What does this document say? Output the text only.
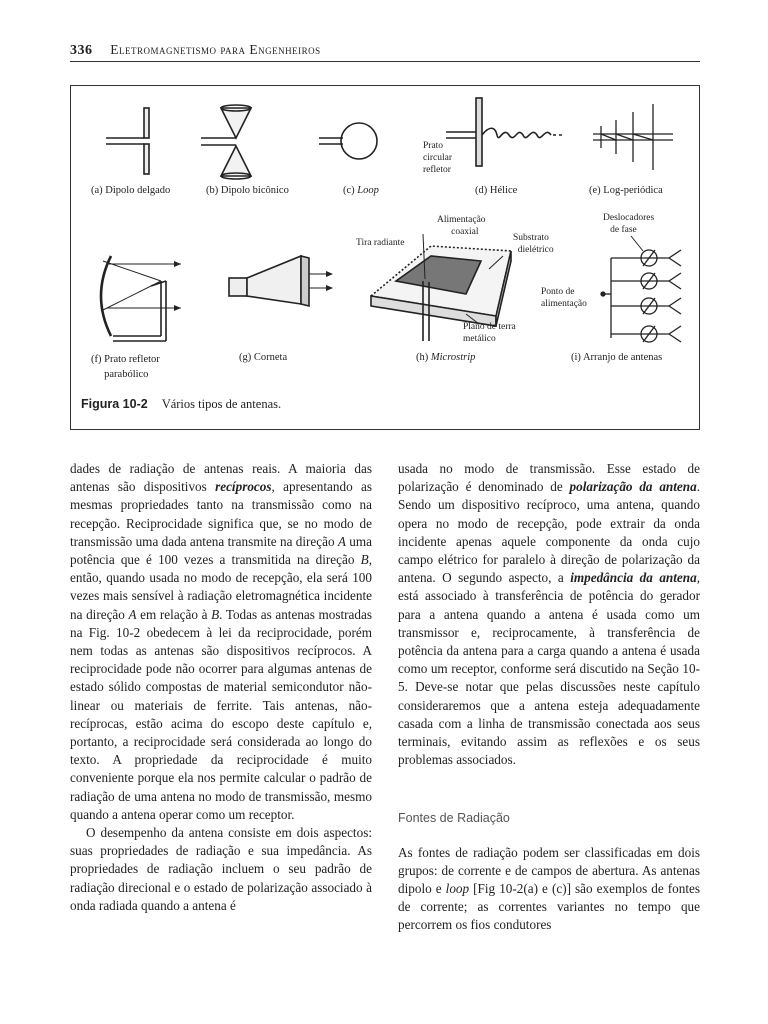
336 Eletromagnetismo para Engenheiros
(a) Dipolo delgado	(b) Dipolo bicônico	(c) Loop	(d) Hélice	(e) Log-periódica
Prato
circular
refletor
Alimentação
coaxial
Tira radiante	Substrato
dielétrico
Plano de terra
metálico
Deslocadores
de fase
Ponto de
alimentação
(f) Prato refletor
parabólico
(g) Corneta	(h) Microstrip	(i) Arranjo de antenas
Figura 10-2 Vários tipos de antenas.

dades de radiação de antenas reais. A maioria das antenas são dispositivos recíprocos, apresentando as mesmas propriedades tanto na transmissão como na recepção. Reciprocidade significa que, se no modo de transmissão uma dada antena transmite na direção A uma potência que é 100 vezes a transmitida na direção B, então, quando usada no modo de recepção, ela será 100 vezes mais sensível à radiação eletromagnética incidente na direção A em relação à B. Todas as antenas mostradas na Fig. 10-2 obedecem à lei da reciprocidade, porém nem todas as antenas são dispositivos recíprocos. A reciprocidade pode não ocorrer para algumas antenas de estado sólido compostas de material semicondutor não-linear ou materiais de ferrite. Tais antenas, não-recíprocas, estão acima do escopo deste capítulo e, portanto, a reciprocidade será considerada ao longo do texto. A propriedade da reciprocidade é muito conveniente porque ela nos permite calcular o padrão de radiação de uma antena no modo de transmissão, mesmo quando a antena operar como um receptor.

O desempenho da antena consiste em dois aspectos: suas propriedades de radiação e sua impedância. As propriedades de radiação incluem o seu padrão de radiação direcional e o estado de polarização associado à onda radiada quando a antena é

usada no modo de transmissão. Esse estado de polarização é denominado de polarização da antena. Sendo um dispositivo recíproco, uma antena, quando opera no modo de recepção, pode extrair da onda incidente apenas aquele componente da onda cujo campo elétrico for paralelo à direção de polarização da antena. O segundo aspecto, a impedância da antena, está associado à transferência de potência do gerador para a antena quando a antena é usada como um transmissor e, reciprocamente, à transferência de potência da antena para a carga quando a antena é usada como um receptor, conforme será discutido na Seção 10-5. Deve-se notar que pelas discussões neste capítulo consideraremos que a antena esteja adequadamente casada com a linha de transmissão conectada aos seus terminais, evitando assim as reflexões e os seus problemas associados.

Fontes de Radiação

As fontes de radiação podem ser classificadas em dois grupos: de corrente e de campos de abertura. As antenas dipolo e loop [Fig 10-2(a) e (c)] são exemplos de fontes de corrente; as correntes variantes no tempo que percorrem os fios condutores
